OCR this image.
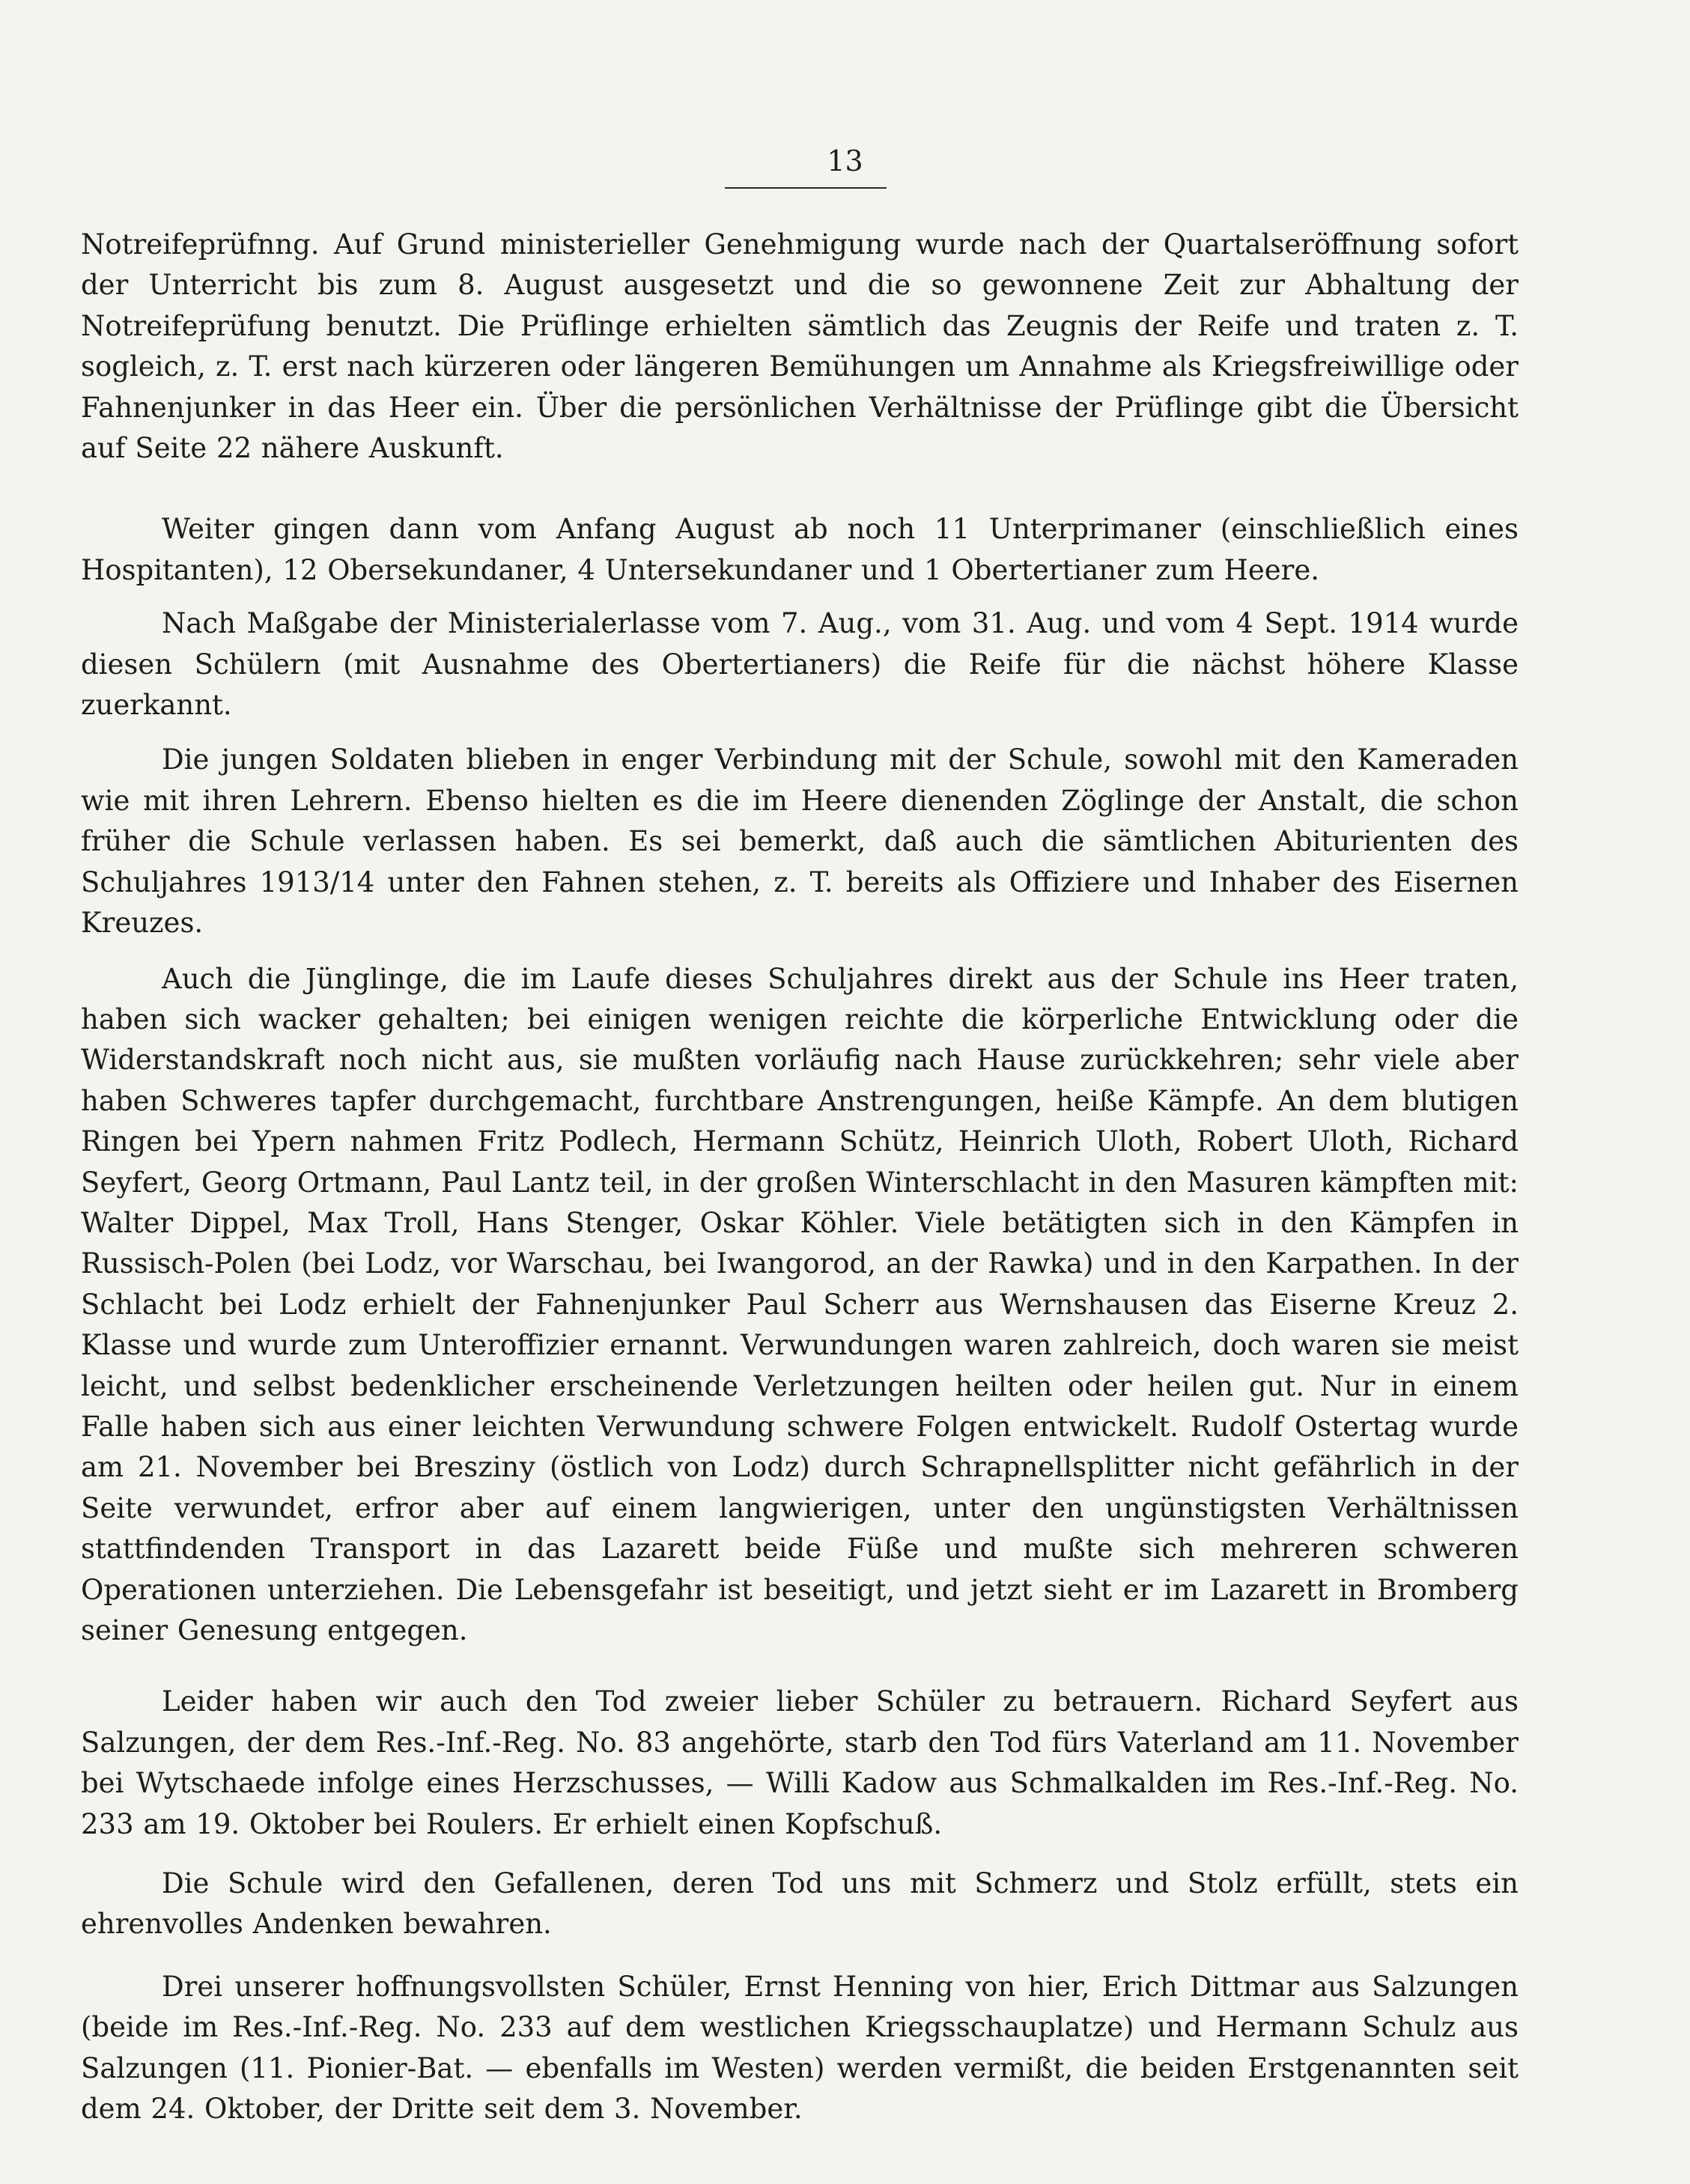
13

Notreifeprüfnng. Auf Grund ministerieller Genehmigung wurde nach der Quartalseröffnung sofort der Unterricht bis zum 8. August ausgesetzt und die so gewonnene Zeit zur Abhaltung der Notreifeprüfung benutzt. Die Prüflinge erhielten sämtlich das Zeugnis der Reife und traten z. T. sogleich, z. T. erst nach kürzeren oder längeren Bemühungen um Annahme als Kriegsfreiwillige oder Fahnenjunker in das Heer ein. Über die persönlichen Verhältnisse der Prüflinge gibt die Übersicht auf Seite 22 nähere Auskunft.

Weiter gingen dann vom Anfang August ab noch 11 Unterprimaner (einschließlich eines Hospitanten), 12 Obersekundaner, 4 Untersekundaner und 1 Obertertianer zum Heere.

Nach Maßgabe der Ministerialerlasse vom 7. Aug., vom 31. Aug. und vom 4 Sept. 1914 wurde diesen Schülern (mit Ausnahme des Obertertianers) die Reife für die nächst höhere Klasse zuerkannt.

Die jungen Soldaten blieben in enger Verbindung mit der Schule, sowohl mit den Kameraden wie mit ihren Lehrern. Ebenso hielten es die im Heere dienenden Zöglinge der Anstalt, die schon früher die Schule verlassen haben. Es sei bemerkt, daß auch die sämtlichen Abiturienten des Schuljahres 1913/14 unter den Fahnen stehen, z. T. bereits als Offiziere und Inhaber des Eisernen Kreuzes.

Auch die Jünglinge, die im Laufe dieses Schuljahres direkt aus der Schule ins Heer traten, haben sich wacker gehalten; bei einigen wenigen reichte die körperliche Entwicklung oder die Widerstandskraft noch nicht aus, sie mußten vorläufig nach Hause zurückkehren; sehr viele aber haben Schweres tapfer durchgemacht, furchtbare Anstrengungen, heiße Kämpfe. An dem blutigen Ringen bei Ypern nahmen Fritz Podlech, Hermann Schütz, Heinrich Uloth, Robert Uloth, Richard Seyfert, Georg Ortmann, Paul Lantz teil, in der großen Winterschlacht in den Masuren kämpften mit: Walter Dippel, Max Troll, Hans Stenger, Oskar Köhler. Viele betätigten sich in den Kämpfen in Russisch-Polen (bei Lodz, vor Warschau, bei Iwangorod, an der Rawka) und in den Karpathen. In der Schlacht bei Lodz erhielt der Fahnenjunker Paul Scherr aus Wernshausen das Eiserne Kreuz 2. Klasse und wurde zum Unteroffizier ernannt. Verwundungen waren zahlreich, doch waren sie meist leicht, und selbst bedenklicher erscheinende Verletzungen heilten oder heilen gut. Nur in einem Falle haben sich aus einer leichten Verwundung schwere Folgen entwickelt. Rudolf Ostertag wurde am 21. November bei Breszinу (östlich von Lodz) durch Schrapnellsplitter nicht gefährlich in der Seite verwundet, erfror aber auf einem langwierigen, unter den ungünstigsten Verhältnissen stattfindenden Transport in das Lazarett beide Füße und mußte sich mehreren schweren Operationen unterziehen. Die Lebensgefahr ist beseitigt, und jetzt sieht er im Lazarett in Bromberg seiner Genesung entgegen.

Leider haben wir auch den Tod zweier lieber Schüler zu betrauern. Richard Seyfert aus Salzungen, der dem Res.-Inf.-Reg. No. 83 angehörte, starb den Tod fürs Vaterland am 11. November bei Wytschaede infolge eines Herzschusses, — Willi Kadow aus Schmalkalden im Res.-Inf.-Reg. No. 233 am 19. Oktober bei Roulers. Er erhielt einen Kopfschuß.

Die Schule wird den Gefallenen, deren Tod uns mit Schmerz und Stolz erfüllt, stets ein ehrenvolles Andenken bewahren.

Drei unserer hoffnungsvollsten Schüler, Ernst Henning von hier, Erich Dittmar aus Salzungen (beide im Res.-Inf.-Reg. No. 233 auf dem westlichen Kriegsschauplatze) und Hermann Schulz aus Salzungen (11. Pionier-Bat. — ebenfalls im Westen) werden vermißt, die beiden Erstgenannten seit dem 24. Oktober, der Dritte seit dem 3. November.
